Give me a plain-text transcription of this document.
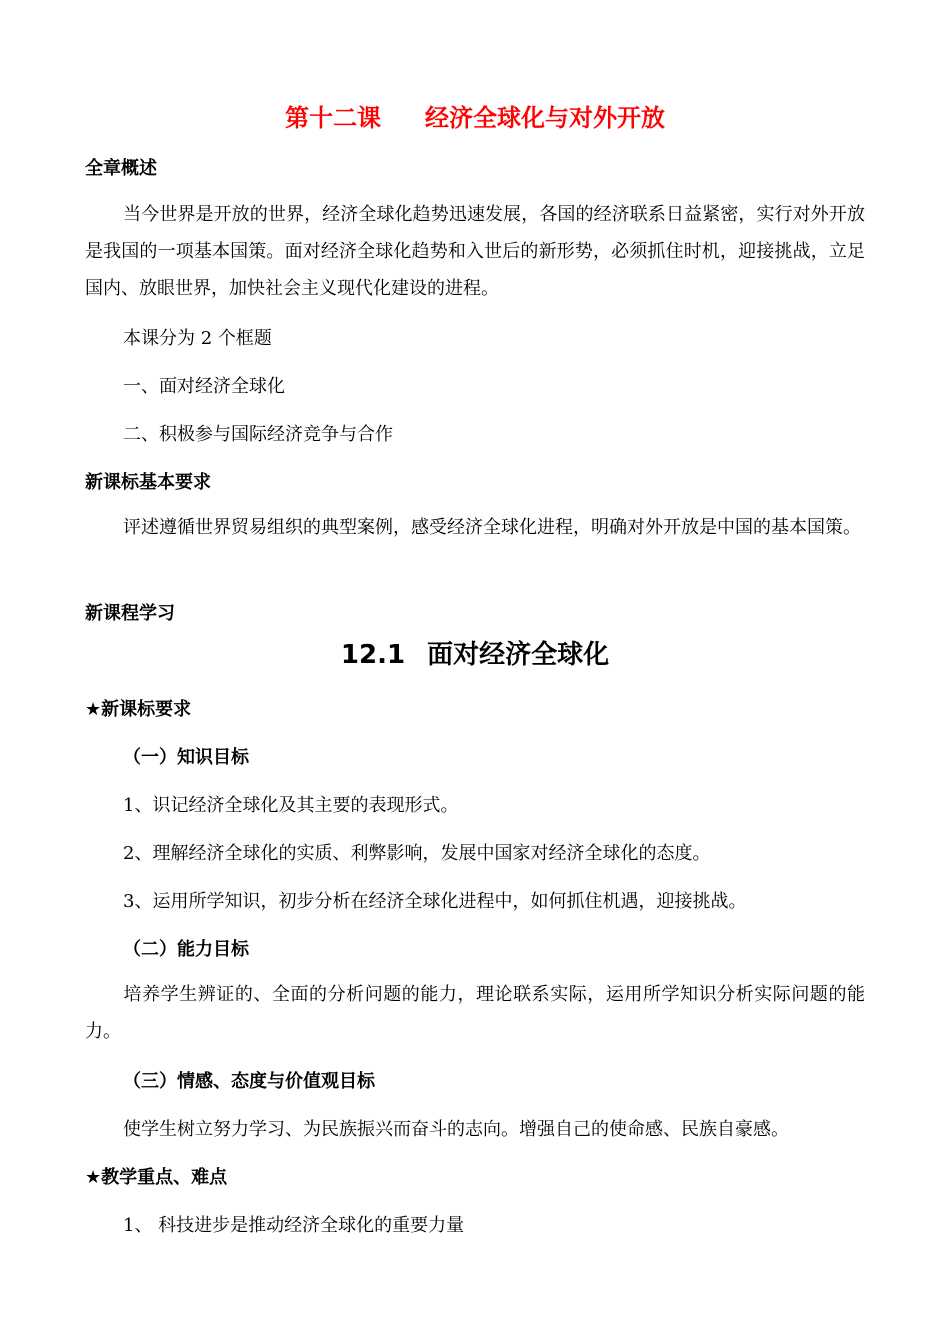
第十二课 经济全球化与对外开放
全章概述
当今世界是开放的世界，经济全球化趋势迅速发展，各国的经济联系日益紧密，实行对外开放是我国的一项基本国策。面对经济全球化趋势和入世后的新形势，必须抓住时机，迎接挑战，立足国内、放眼世界，加快社会主义现代化建设的进程。
本课分为 2 个框题
一、面对经济全球化
二、积极参与国际经济竞争与合作
新课标基本要求
评述遵循世界贸易组织的典型案例，感受经济全球化进程，明确对外开放是中国的基本国策。
新课程学习
12.1 面对经济全球化
★新课标要求
（一）知识目标
1、识记经济全球化及其主要的表现形式。
2、理解经济全球化的实质、利弊影响，发展中国家对经济全球化的态度。
3、运用所学知识，初步分析在经济全球化进程中，如何抓住机遇，迎接挑战。
（二）能力目标
培养学生辨证的、全面的分析问题的能力，理论联系实际，运用所学知识分析实际问题的能力。
（三）情感、态度与价值观目标
使学生树立努力学习、为民族振兴而奋斗的志向。增强自己的使命感、民族自豪感。
★教学重点、难点
1、 科技进步是推动经济全球化的重要力量
